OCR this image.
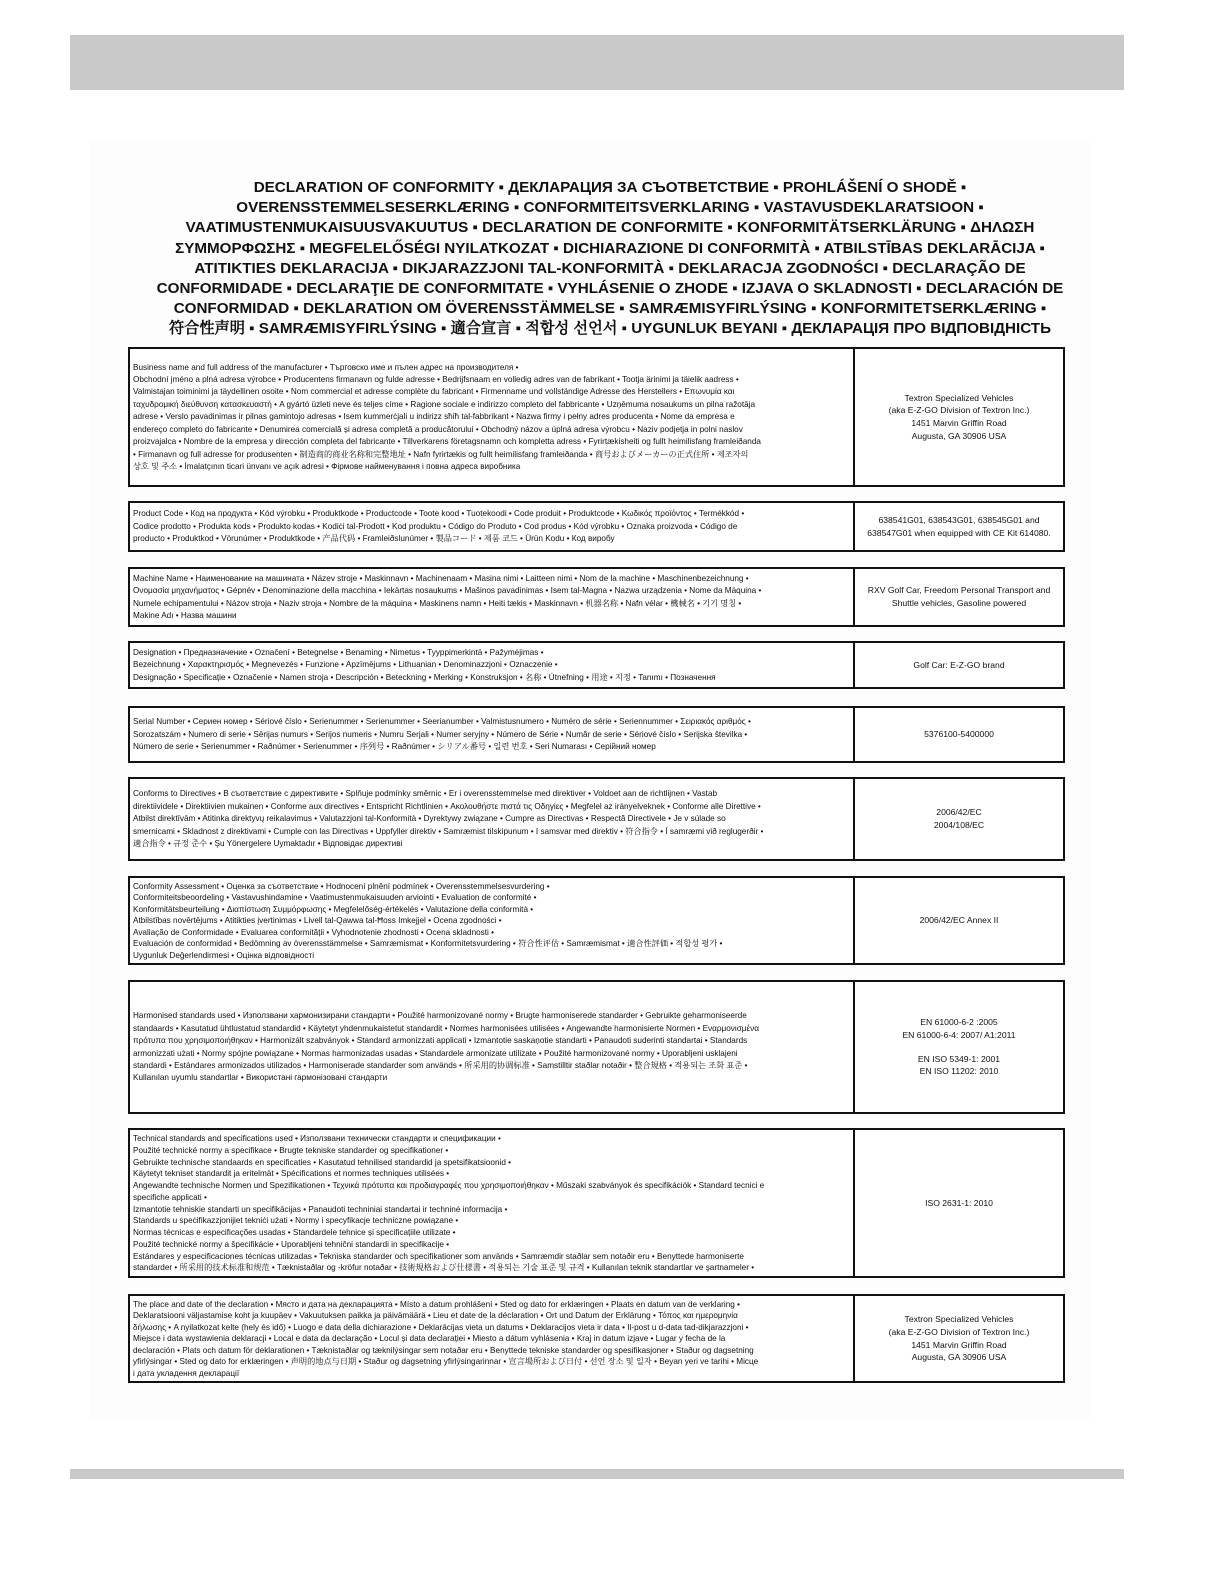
DECLARATION OF CONFORMITY ▪ ДЕКЛАРАЦИЯ ЗА СЪОТВЕТСТВИЕ ▪ PROHLÁŠENÍ O SHODĚ ▪
OVERENSSTEMMELSESERKLÆRING ▪ CONFORMITEITSVERKLARING ▪ VASTAVUSDEKLARATSIOON ▪
VAATIMUSTENMUKAISUUSVAKUUTUS ▪ DECLARATION DE CONFORMITE ▪ KONFORMITÄTSERKLÄRUNG ▪ ΔΗΛΩΣΗ
ΣΥΜΜΟΡΦΩΣΗΣ ▪ MEGFELELŐSÉGI NYILATKOZAT ▪ DICHIARAZIONE DI CONFORMITÀ ▪ ATBILSTĪBAS DEKLARĀCIJA ▪
ATITIKTIES DEKLARACIJA ▪ DIKJARAZZJONI TAL-KONFORMITÀ ▪ DEKLARACJA ZGODNOŚCI ▪ DECLARAÇÃO DE
CONFORMIDADE ▪ DECLARAŢIE DE CONFORMITATE ▪ VYHLÁSENIE O ZHODE ▪ IZJAVA O SKLADNOSTI ▪ DECLARACIÓN DE
CONFORMIDAD ▪ DEKLARATION OM ÖVERENSSTÄMMELSE ▪ SAMRÆMISYFIRLÝSING ▪ KONFORMITETSERKLÆRING ▪
符合性声明 ▪ SAMRÆMISYFIRLÝSING ▪ 適合宣言 ▪ 적합성 선언서 ▪ UYGUNLUK BEYANI ▪ ДЕКЛАРАЦІЯ ПРО ВІДПОВІДНІСТЬ
Business name and full address of the manufacturer • Търговско име и пълен адрес на производителя •
Obchodní jméno a plná adresa výrobce • Producentens firmanavn og fulde adresse • Bedrijfsnaam en volledig adres van de fabrikant • Tootja ärinimi ja täielik aadress •
Valmistajan toiminimi ja täydellinen osoite • Nom commercial et adresse complète du fabricant • Firmenname und vollständige Adresse des Herstellers • Επωνυμία και
ταχυδρομική διεύθυνση κατασκευαστή • A gyártó üzleti neve és teljes címe • Ragione sociale e indirizzo completo del fabbricante • Uzņēmuma nosaukums un pilna ražotāja
adrese • Verslo pavadinimas ir pilnas gamintojo adresas • Isem kummerċjali u indirizz sħiħ tal-fabbrikant • Nazwa firmy i pełny adres producenta • Nome da empresa e
endereço completo do fabricante • Denumirea comercială și adresa completă a producătorului • Obchodný názov a úplná adresa výrobcu • Naziv podjetja in polni naslov
proizvajalca • Nombre de la empresa y dirección completa del fabricante • Tillverkarens företagsnamn och kompletta adress • Fyrirtækisheiti og fullt heimilisfang framleiðanda
• Firmanavn og full adresse for produsenten • 制造商的商业名称和完整地址 • Nafn fyrirtækis og fullt heimilisfang framleiðanda • 商号およびメーカーの正式住所 • 제조자의
상호 및 주소 • İmalatçının ticari ünvanı ve açık adresi • Фірмове найменування і повна адреса виробника
Textron Specialized Vehicles
(aka E-Z-GO Division of Textron Inc.)
1451 Marvin Griffin Road
Augusta, GA 30906 USA
Product Code • Код на продукта • Kód výrobku • Produktkode • Productcode • Toote kood • Tuotekoodi • Code produit • Produktcode • Κωδικός προϊόντος • Termékkód •
Codice prodotto • Produkta kods • Produkto kodas • Kodiċi tal-Prodott • Kod produktu • Código do Produto • Cod produs • Kód výrobku • Oznaka proizvoda • Código de
producto • Produktkod • Vörunúmer • Produktkode • 产品代码 • Framleiðslunúmer • 製品コード • 제품 코드 • Ürün Kodu • Код виробу
638541G01, 638543G01, 638545G01 and
638547G01 when equipped with CE Kit 614080.
Machine Name • Наименование на машината • Název stroje • Maskinnavn • Machinenaam • Masina nimi • Laitteen nimi • Nom de la machine • Maschinenbezeichnung •
Ονομασία μηχανήματος • Gépnév • Denominazione della macchina • Iekārtas nosaukums • Mašinos pavadinimas • Isem tal-Magna • Nazwa urządzenia • Nome da Máquina •
Numele echipamentului • Názov stroja • Naziv stroja • Nombre de la máquina • Maskinens namn • Heiti tækis • Maskinnavn • 机器名称 • Nafn vélar • 機械名 • 기기 명칭 •
Makine Adı • Назва машини
RXV Golf Car, Freedom Personal Transport and
Shuttle vehicles, Gasoline powered
Designation • Предназначение • Označení • Betegnelse • Benaming • Nimetus • Tyyppimerkintä • Pažymėjimas •
Bezeichnung • Χαρακτηρισμός • Megnevezés • Funzione • Apzīmējums • Lithuanian • Denominazzjoni • Oznaczenie •
Designação • Specificație • Označenie • Namen stroja • Descripción • Beteckning • Merking • Konstruksjon • 名称 • Útnefning • 用途 • 지정 • Tanımı • Позначення
Golf Car: E-Z-GO brand
Serial Number • Сериен номер • Sériové číslo • Serienummer • Serienummer • Seerianumber • Valmistusnumero • Numéro de série • Seriennummer • Σειριακός αριθμός •
Sorozatszám • Numero di serie • Sērijas numurs • Serijos numeris • Numru Serjali • Numer seryjny • Número de Série • Număr de serie • Sériové číslo • Serijska številka •
Número de serie • Serienummer • Raðnúmer • Serienummer • 序列号 • Raðnúmer • シリアル番号 • 일련 번호 • Seri Numarası • Серійний номер
5376100-5400000
Conforms to Directives • В съответствие с директивите • Splňuje podmínky směrnic • Er i overensstemmelse med direktiver • Voldoet aan de richtlijnen • Vastab
direktiividele • Direktiivien mukainen • Conforme aux directives • Entspricht Richtlinien • Ακολουθήστε πιστά τις Οδηγίες • Megfelel az irányelveknek • Conforme alle Direttive •
Atbilst direktīvām • Atitinka direktyvų reikalavimus • Valutazzjoni tal-Konformità • Dyrektywy związane • Cumpre as Directivas • Respectă Directivele • Je v súlade so
smernicami • Skladnost z direktivami • Cumple con las Directivas • Uppfyller direktiv • Samræmist tilskipunum • I samsvar med direktiv • 符合指令 • Í samræmi við reglugerðir •
適合指令 • 규정 준수 • Şu Yönergelere Uymaktadır • Відповідає директиві
2006/42/EC
2004/108/EC
Conformity Assessment • Оценка за съответствие • Hodnocení plnění podmínek • Overensstemmelsesvurdering •
Conformiteitsbeoordeling • Vastavushindamine • Vaatimustenmukaisuuden arviointi • Evaluation de conformité •
Konformitätsbeurteilung • Διαπίστωση Συμμόρφωσης • Megfelelőség-értékelés • Valutazione della conformità •
Atbilstības novērtējums • Atitikties įvertinimas • Livell tal-Qawwa tal-Ħoss Imkejjel • Ocena zgodności •
Avaliação de Conformidade • Evaluarea conformității • Vyhodnotenie zhodnosti • Ocena skladnosti •
Evaluación de conformidad • Bedömning av överensstämmelse • Samræmismat • Konformitetsvurdering • 符合性评估 • Samræmismat • 適合性評価 • 적합성 평가 •
Uygunluk Değerlendirmesi • Оцінка відповідності
2006/42/EC Annex II
Harmonised standards used • Използвани хармонизирани стандарти • Použité harmonizované normy • Brugte harmoniserede standarder • Gebruikte geharmoniseerde
standaards • Kasutatud ühtlustatud standardid • Käytetyt yhdenmukaistetut standardit • Normes harmonisées utilisées • Angewandte harmonisierte Normen • Εναρμονισμένα
πρότυπα που χρησιμοποιήθηκαν • Harmonizált szabványok • Standard armonizzati applicati • Izmantotie saskaņotie standarti • Panaudoti suderinti standartai • Standards
armonizzati użati • Normy spójne powiązane • Normas harmonizadas usadas • Standardele armonizate utilizate • Použité harmonizované normy • Uporabljeni usklajeni
standardi • Estándares armonizados utilizados • Harmoniserade standarder som används • 所采用的协调标准 • Samstilltir staðlar notaðir • 整合規格 • 적용되는 조화 표준 •
Kullanılan uyumlu standartlar • Використані гармонізовані стандарти
EN 61000-6-2 :2005
EN 61000-6-4: 2007/ A1:2011
EN ISO 5349-1: 2001
EN ISO 11202: 2010
Technical standards and specifications used • Използвани технически стандарти и спецификации •
Použité technické normy a specifikace • Brugte tekniske standarder og specifikationer •
Gebruikte technische standaards en specificaties • Kasutatud tehnilised standardid ja spetsifikatsioonid •
Käytetyt tekniset standardit ja eritelmät • Spécifications et normes techniques utilisées •
Angewandte technische Normen und Spezifikationen • Τεχνικά πρότυπα και προδιαγραφές που χρησιμοποιήθηκαν • Műszaki szabványok és specifikációk • Standard tecnici e
specifiche applicati •
Izmantotie tehniskie standarti un specifikācijas • Panaudoti techniniai standartai ir techninė informacija •
Standards u speċifikazzjonijiet tekniċi użati • Normy i specyfikacje techniczne powiązane •
Normas técnicas e especificações usadas • Standardele tehnice și specificațiile utilizate •
Použité technické normy a špecifikácie • Uporabljeni tehnični standardi in specifikacije •
Estándares y especificaciones técnicas utilizadas • Tekniska standarder och specifikationer som används • Samræmdir staðlar sem notaðir eru • Benyttede harmoniserte
standarder • 所采用的技术标准和规范 • Tæknistaðlar og -kröfur notaðar • 技術規格および仕様書 • 적용되는 기술 표준 및 규격 • Kullanılan teknik standartlar ve şartnameler •
ISO 2631-1: 2010
The place and date of the declaration • Място и дата на декларацията • Místo a datum prohlášení • Sted og dato for erklæringen • Plaats en datum van de verklaring •
Deklaratsiooni väljastamise koht ja kuupäev • Vakuutuksen paikka ja päivämäärä • Lieu et date de la déclaration • Ort und Datum der Erklärung • Τόπος και ημερομηνία
δήλωσης • A nyilatkozat kelte (hely és idő) • Luogo e data della dichiarazione • Deklarācijas vieta un datums • Deklaracijos vieta ir data • Il-post u d-data tad-dikjarazzjoni •
Miejsce i data wystawienia deklaracji • Local e data da declaração • Locul și data declarației • Miesto a dátum vyhlásenia • Kraj in datum izjave • Lugar y fecha de la
declaración • Plats och datum för deklarationen • Tæknistaðlar og tæknilýsingar sem notaðar eru • Benyttede tekniske standarder og spesifikasjoner • Staður og dagsetning
yfirlýsingar • Sted og dato for erklæringen • 声明的地点与日期 • Staður og dagsetning yfirlýsingarinnar • 宣言場所および日付 • 선언 장소 및 일자 • Beyan yeri ve tarihi • Місце
і дата укладення декларації
Textron Specialized Vehicles
(aka E-Z-GO Division of Textron Inc.)
1451 Marvin Griffin Road
Augusta, GA 30906 USA
